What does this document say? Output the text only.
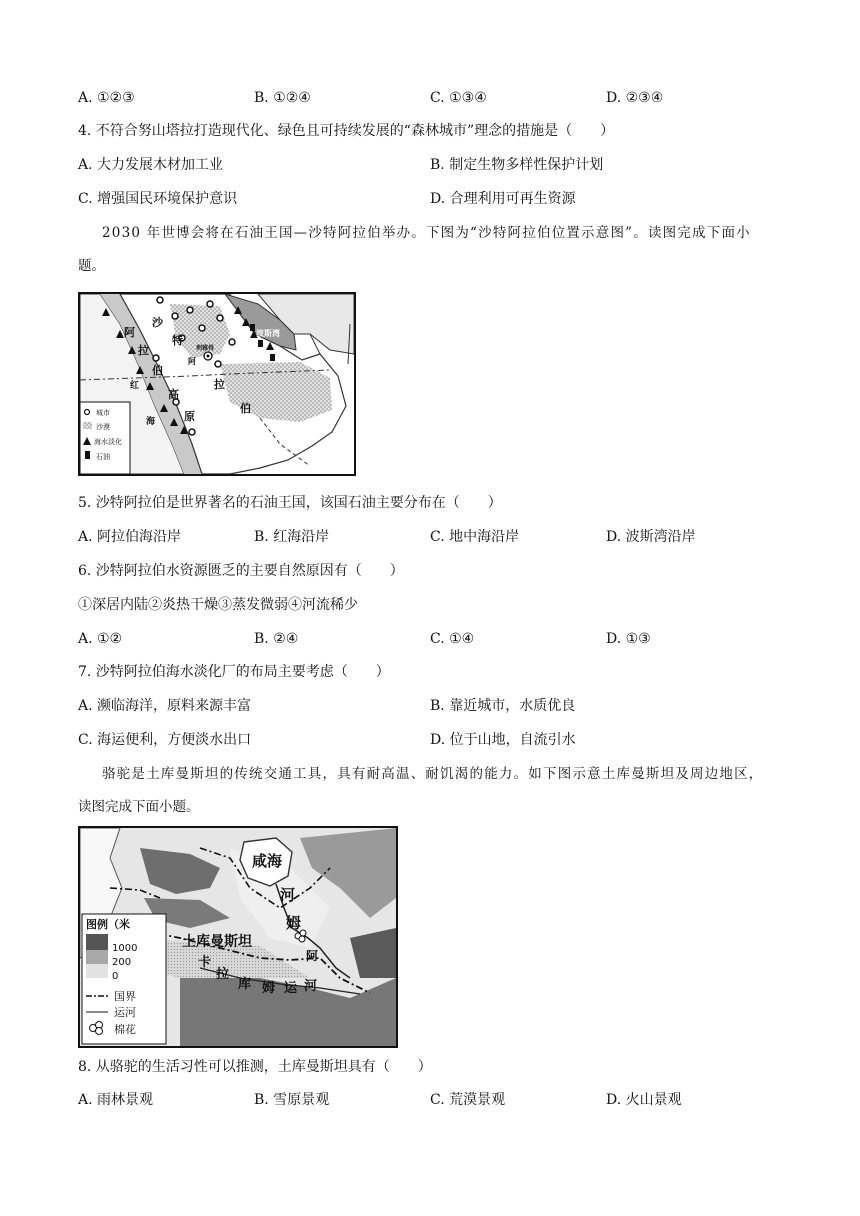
A. ①②③	B. ①②④	C. ①③④	D. ②③④
4. 不符合努山塔拉打造现代化、绿色且可持续发展的“森林城市”理念的措施是（　　）
A. 大力发展木材加工业	B. 制定生物多样性保护计划
C. 增强国民环境保护意识	D. 合理利用可再生资源
2030 年世博会将在石油王国—沙特阿拉伯举办。下图为“沙特阿拉伯位置示意图”。读图完成下面小
题。
沙
特
阿
拉
伯
阿
拉
伯
高
原
红
海
波斯湾
利雅得
城市
沙漠
海水淡化
石油
5. 沙特阿拉伯是世界著名的石油王国，该国石油主要分布在（　　）
A. 阿拉伯海沿岸	B. 红海沿岸	C. 地中海沿岸	D. 波斯湾沿岸
6. 沙特阿拉伯水资源匮乏的主要自然原因有（　　）
①深居内陆②炎热干燥③蒸发微弱④河流稀少
A. ①②	B. ②④	C. ①④	D. ①③
7. 沙特阿拉伯海水淡化厂的布局主要考虑（　　）
A. 濒临海洋，原料来源丰富	B. 靠近城市，水质优良
C. 海运便利，方便淡水出口	D. 位于山地，自流引水
骆驼是土库曼斯坦的传统交通工具，具有耐高温、耐饥渴的能力。如下图示意土库曼斯坦及周边地区，
读图完成下面小题。
咸海
河
姆
阿
土库曼斯坦
卡
拉
库 姆 运 河
图例（米
1000
200
0
国界
运河
棉花
8. 从骆驼的生活习性可以推测，土库曼斯坦具有（　　）
A. 雨林景观	B. 雪原景观	C. 荒漠景观	D. 火山景观
